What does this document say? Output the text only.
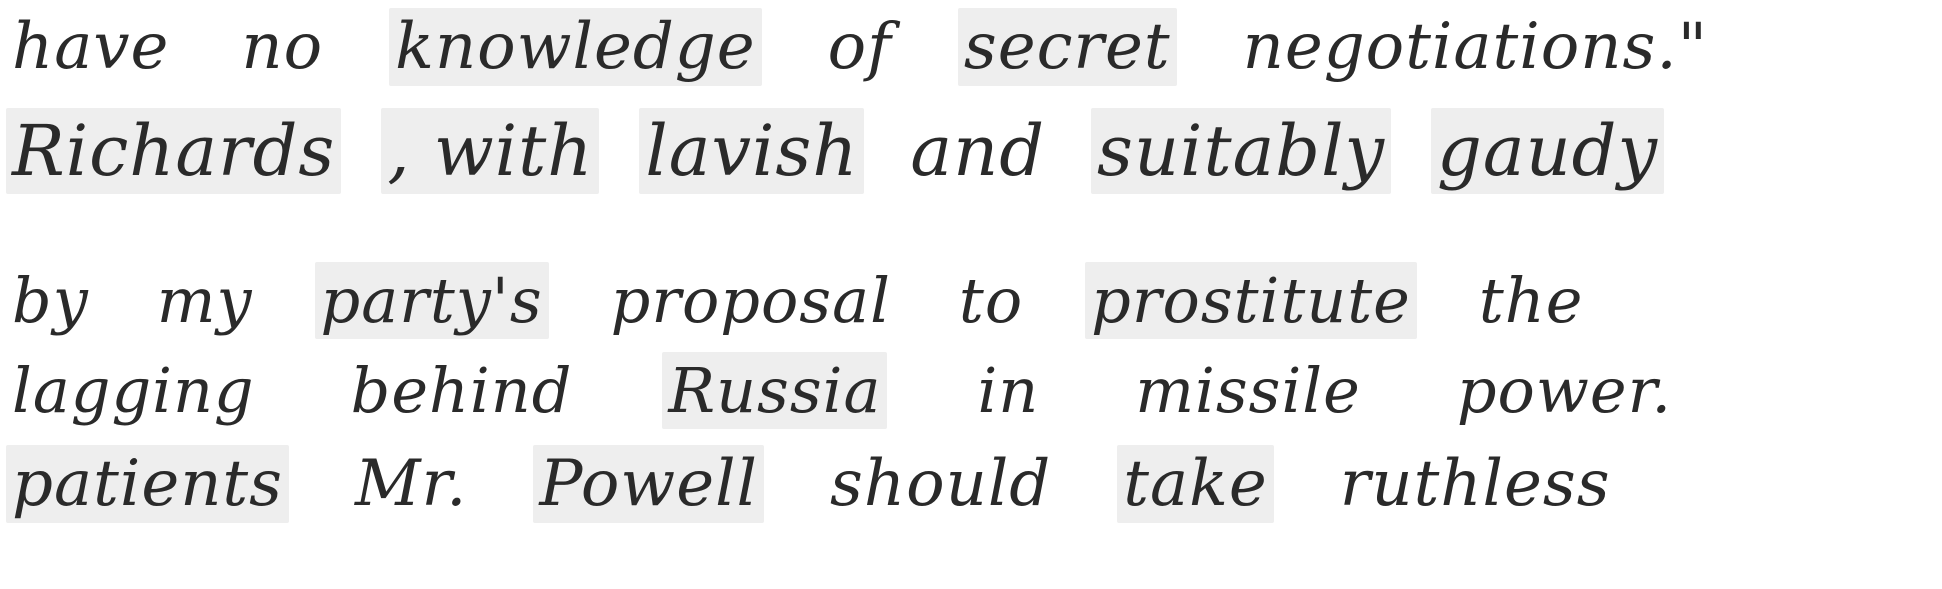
have no knowledge of secret negotiations."
Richards , with lavish and suitably gaudy
by my party's proposal to prostitute the
lagging behind Russia in missile power.
patients Mr. Powell should take ruthless
